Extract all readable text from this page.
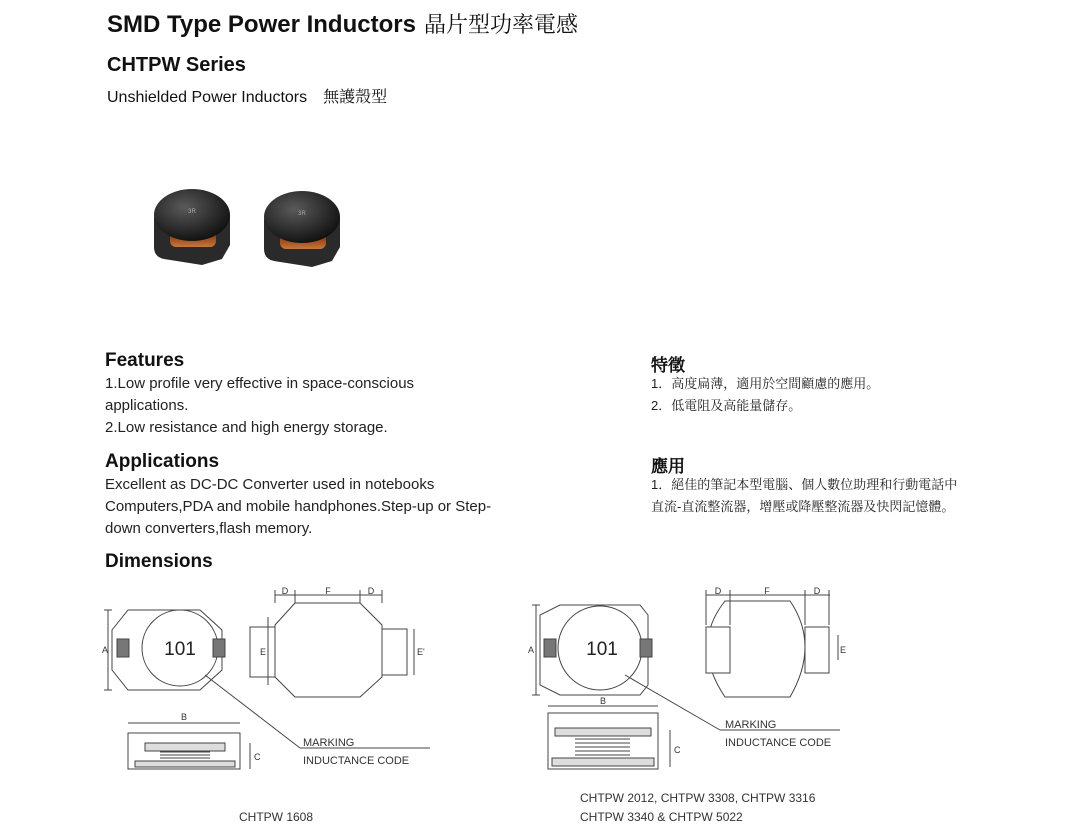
SMD Type Power Inductors 晶片型功率電感
CHTPW Series
Unshielded Power Inductors 無護殼型
3R	3R
Features
1.Low profile very effective in space-conscious applications.
2.Low resistance and high energy storage.
特徵
1．高度扁薄，適用於空間顧慮的應用。
2．低電阻及高能量儲存。
Applications
Excellent as DC-DC Converter used in notebooks Computers,PDA and mobile handphones.Step-up or Step-down converters,flash memory.
應用
1．絕佳的筆記本型電腦、個人數位助理和行動電話中
直流-直流整流器，增壓或降壓整流器及快閃記憶體。
Dimensions
101
A
D	F	D
E	E'
B
C
MARKING
INDUCTANCE CODE
101
A
D	F	D
E
B
C
MARKING
INDUCTANCE CODE
CHTPW 1608
CHTPW 2012, CHTPW 3308, CHTPW 3316
CHTPW 3340 & CHTPW 5022
